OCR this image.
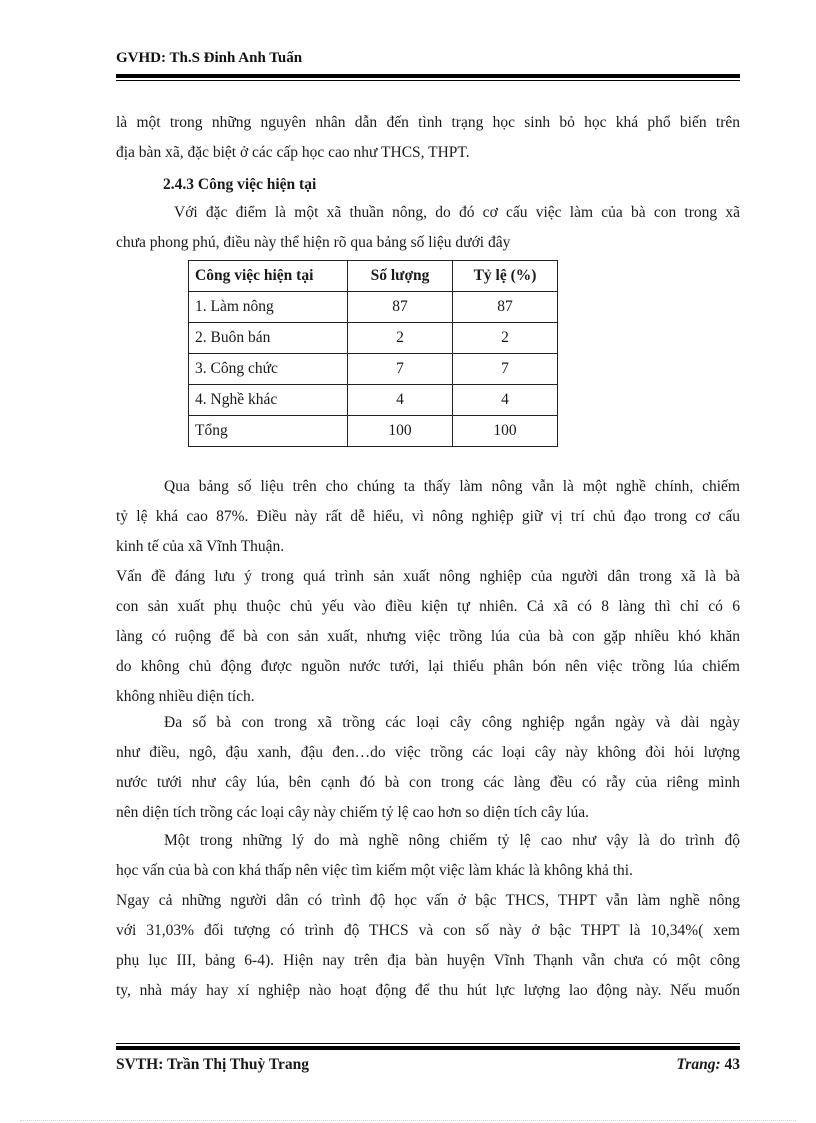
GVHD: Th.S Đinh Anh Tuấn
là một trong những nguyên nhân dẫn đến tình trạng học sinh bỏ học khá phổ biến trên
địa bàn xã, đặc biệt ở các cấp học cao như THCS, THPT.
2.4.3 Công việc hiện tại
Với đặc điểm là một xã thuần nông, do đó cơ cấu việc làm của bà con trong xã
chưa phong phú, điều này thể hiện rõ qua bảng số liệu dưới đây
Công việc hiện tại	Số lượng	Tỷ lệ (%)
1. Làm nông	87	87
2. Buôn bán	2	2
3. Công chức	7	7
4. Nghề khác	4	4
Tổng	100	100
Qua bảng số liệu trên cho chúng ta thấy làm nông vẫn là một nghề chính, chiếm
tỷ lệ khá cao 87%. Điều này rất dễ hiểu, vì nông nghiệp giữ vị trí chủ đạo trong cơ cấu
kinh tế của xã Vĩnh Thuận.
Vấn đề đáng lưu ý trong quá trình sản xuất nông nghiệp của người dân trong xã là bà
con sản xuất phụ thuộc chủ yếu vào điều kiện tự nhiên. Cả xã có 8 làng thì chỉ có 6
làng có ruộng để bà con sản xuất, nhưng việc trồng lúa của bà con gặp nhiều khó khăn
do không chủ động được nguồn nước tưới, lại thiếu phân bón nên việc trồng lúa chiếm
không nhiều diện tích.
Đa số bà con trong xã trồng các loại cây công nghiệp ngắn ngày và dài ngày
như điều, ngô, đậu xanh, đậu đen…do việc trồng các loại cây này không đòi hỏi lượng
nước tưới như cây lúa, bên cạnh đó bà con trong các làng đều có rẫy của riêng mình
nên diện tích trồng các loại cây này chiếm tỷ lệ cao hơn so diện tích cây lúa.
Một trong những lý do mà nghề nông chiếm tỷ lệ cao như vậy là do trình độ
học vấn của bà con khá thấp nên việc tìm kiếm một việc làm khác là không khả thi.
Ngay cả những người dân có trình độ học vấn ở bậc THCS, THPT vẫn làm nghề nông
với 31,03% đối tượng có trình độ THCS và con số này ở bậc THPT là 10,34%( xem
phụ lục III, bảng 6-4). Hiện nay trên địa bàn huyện Vĩnh Thạnh vẫn chưa có một công
ty, nhà máy hay xí nghiệp nào hoạt động để thu hút lực lượng lao động này. Nếu muốn
SVTH: Trần Thị Thuỳ Trang	Trang: 43
